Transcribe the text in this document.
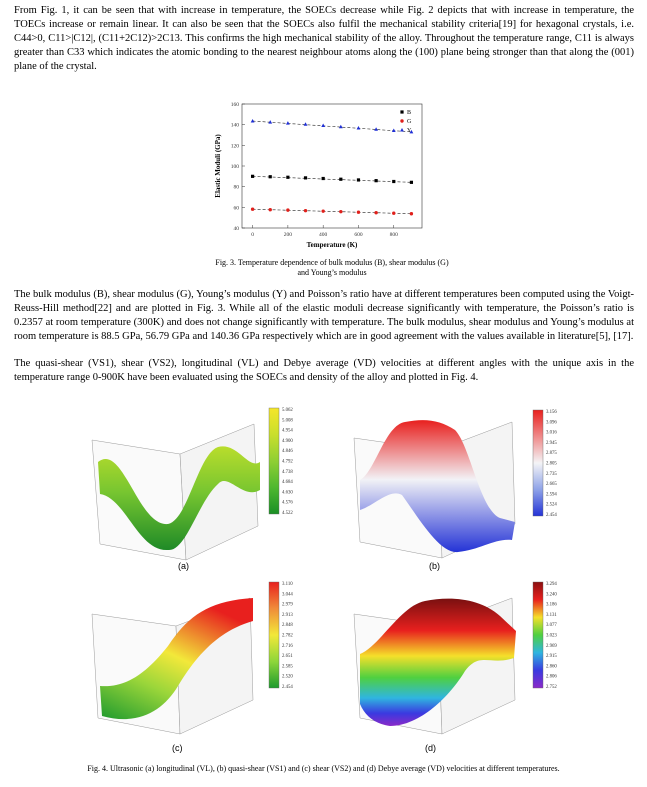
From Fig. 1, it can be seen that with increase in temperature, the SOECs decrease while Fig. 2 depicts that with increase in temperature, the TOECs increase or remain linear. It can also be seen that the SOECs also fulfil the mechanical stability criteria[19] for hexagonal crystals, i.e. C44>0, C11>|C12|, (C11+2C12)>2C13. This confirms the high mechanical stability of the alloy. Throughout the temperature range, C11 is always greater than C33 which indicates the atomic bonding to the nearest neighbour atoms along the (100) plane being stronger than that along the (001) plane of the crystal.

40
60
80
100
120
140
160
0	200	400	600	800
Temperature (K)
Elastic Moduli (GPa)
B
G
Y
Fig. 3. Temperature dependence of bulk modulus (B), shear modulus (G) and Young’s modulus

The bulk modulus (B), shear modulus (G), Young’s modulus (Y) and Poisson’s ratio have at different temperatures been computed using the Voigt-Reuss-Hill method[22] and are plotted in Fig. 3. While all of the elastic moduli decrease significantly with temperature, the Poisson’s ratio is 0.2357 at room temperature (300K) and does not change significantly with temperature. The bulk modulus, shear modulus and Young’s modulus at room temperature is 88.5 GPa, 56.79 GPa and 140.36 GPa respectively which are in good agreement with the values available in literature[5], [17].

The quasi-shear (VS1), shear (VS2), longitudinal (VL) and Debye average (VD) velocities at different angles with the unique axis in the temperature range 0-900K have been evaluated using the SOECs and density of the alloy and plotted in Fig. 4.

(a)	(b)
(c)	(d)
Fig. 4. Ultrasonic (a) longitudinal (VL), (b) quasi-shear (VS1) and (c) shear (VS2) and (d) Debye average (VD) velocities at different temperatures.
5.062
5.008
4.954
4.900
4.846
4.792
4.738
4.684
4.630
4.576
4.522
3.156
3.096
3.016
2.945
2.875
2.805
2.735
2.665
2.594
2.524
2.454
3.110
3.044
2.979
2.913
2.848
2.782
2.716
2.651
2.585
2.520
2.454
3.294
3.240
3.186
3.131
3.077
3.023
2.969
2.915
2.860
2.806
2.752
